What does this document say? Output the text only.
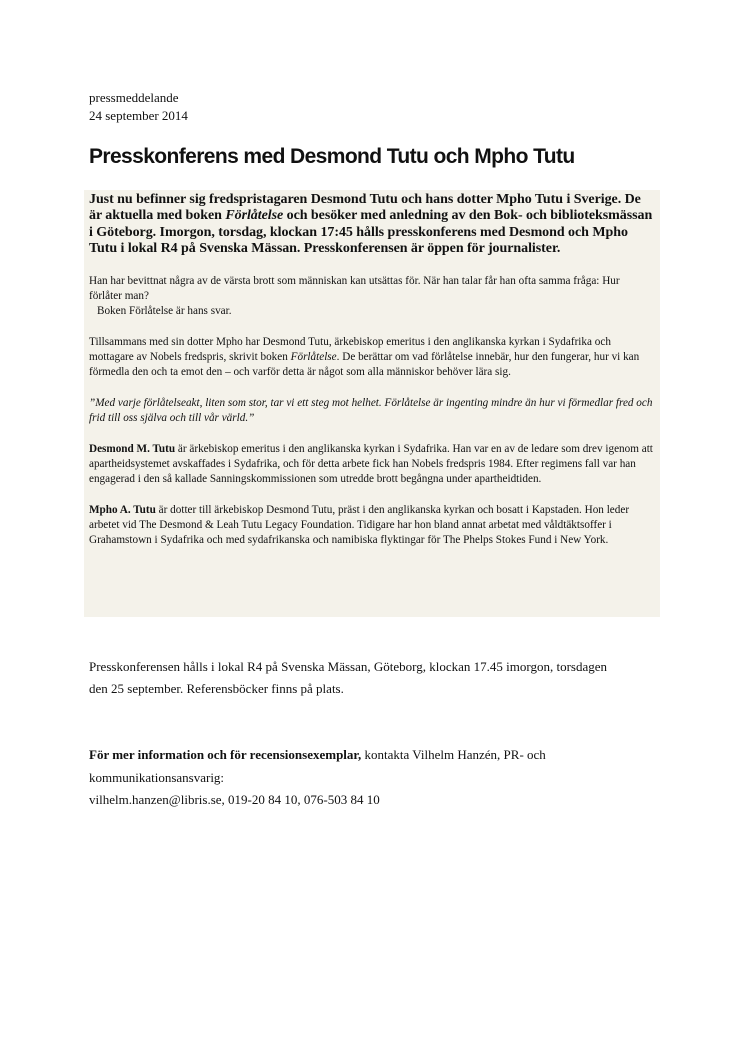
pressmeddelande
24 september 2014
Presskonferens med Desmond Tutu och Mpho Tutu

Just nu befinner sig fredspristagaren Desmond Tutu och hans dotter Mpho Tutu i Sverige. De är aktuella med boken Förlåtelse och besöker med anledning av den Bok- och biblioteksmässan i Göteborg. Imorgon, torsdag, klockan 17:45 hålls presskonferens med Desmond och Mpho Tutu i lokal R4 på Svenska Mässan. Presskonferensen är öppen för journalister.

Han har bevittnat några av de värsta brott som människan kan utsättas för. När han talar får han ofta samma fråga: Hur förlåter man?
Boken Förlåtelse är hans svar.

Tillsammans med sin dotter Mpho har Desmond Tutu, ärkebiskop emeritus i den anglikanska kyrkan i Sydafrika och mottagare av Nobels fredspris, skrivit boken Förlåtelse. De berättar om vad förlåtelse innebär, hur den fungerar, hur vi kan förmedla den och ta emot den – och varför detta är något som alla människor behöver lära sig.

”Med varje förlåtelseakt, liten som stor, tar vi ett steg mot helhet. Förlåtelse är ingenting mindre än hur vi förmedlar fred och frid till oss själva och till vår värld.”

Desmond M. Tutu är ärkebiskop emeritus i den anglikanska kyrkan i Sydafrika. Han var en av de ledare som drev igenom att apartheidsystemet avskaffades i Sydafrika, och för detta arbete fick han Nobels fredspris 1984. Efter regimens fall var han engagerad i den så kallade Sanningskommissionen som utredde brott begångna under apartheidtiden.

Mpho A. Tutu är dotter till ärkebiskop Desmond Tutu, präst i den anglikanska kyrkan och bosatt i Kapstaden. Hon leder arbetet vid The Desmond & Leah Tutu Legacy Foundation. Tidigare har hon bland annat arbetat med våldtäktsoffer i Grahamstown i Sydafrika och med sydafrikanska och namibiska flyktingar för The Phelps Stokes Fund i New York.

Presskonferensen hålls i lokal R4 på Svenska Mässan, Göteborg, klockan 17.45 imorgon, torsdagen den 25 september. Referensböcker finns på plats.

För mer information och för recensionsexemplar, kontakta Vilhelm Hanzén, PR- och kommunikationsansvarig:
vilhelm.hanzen@libris.se, 019-20 84 10, 076-503 84 10
